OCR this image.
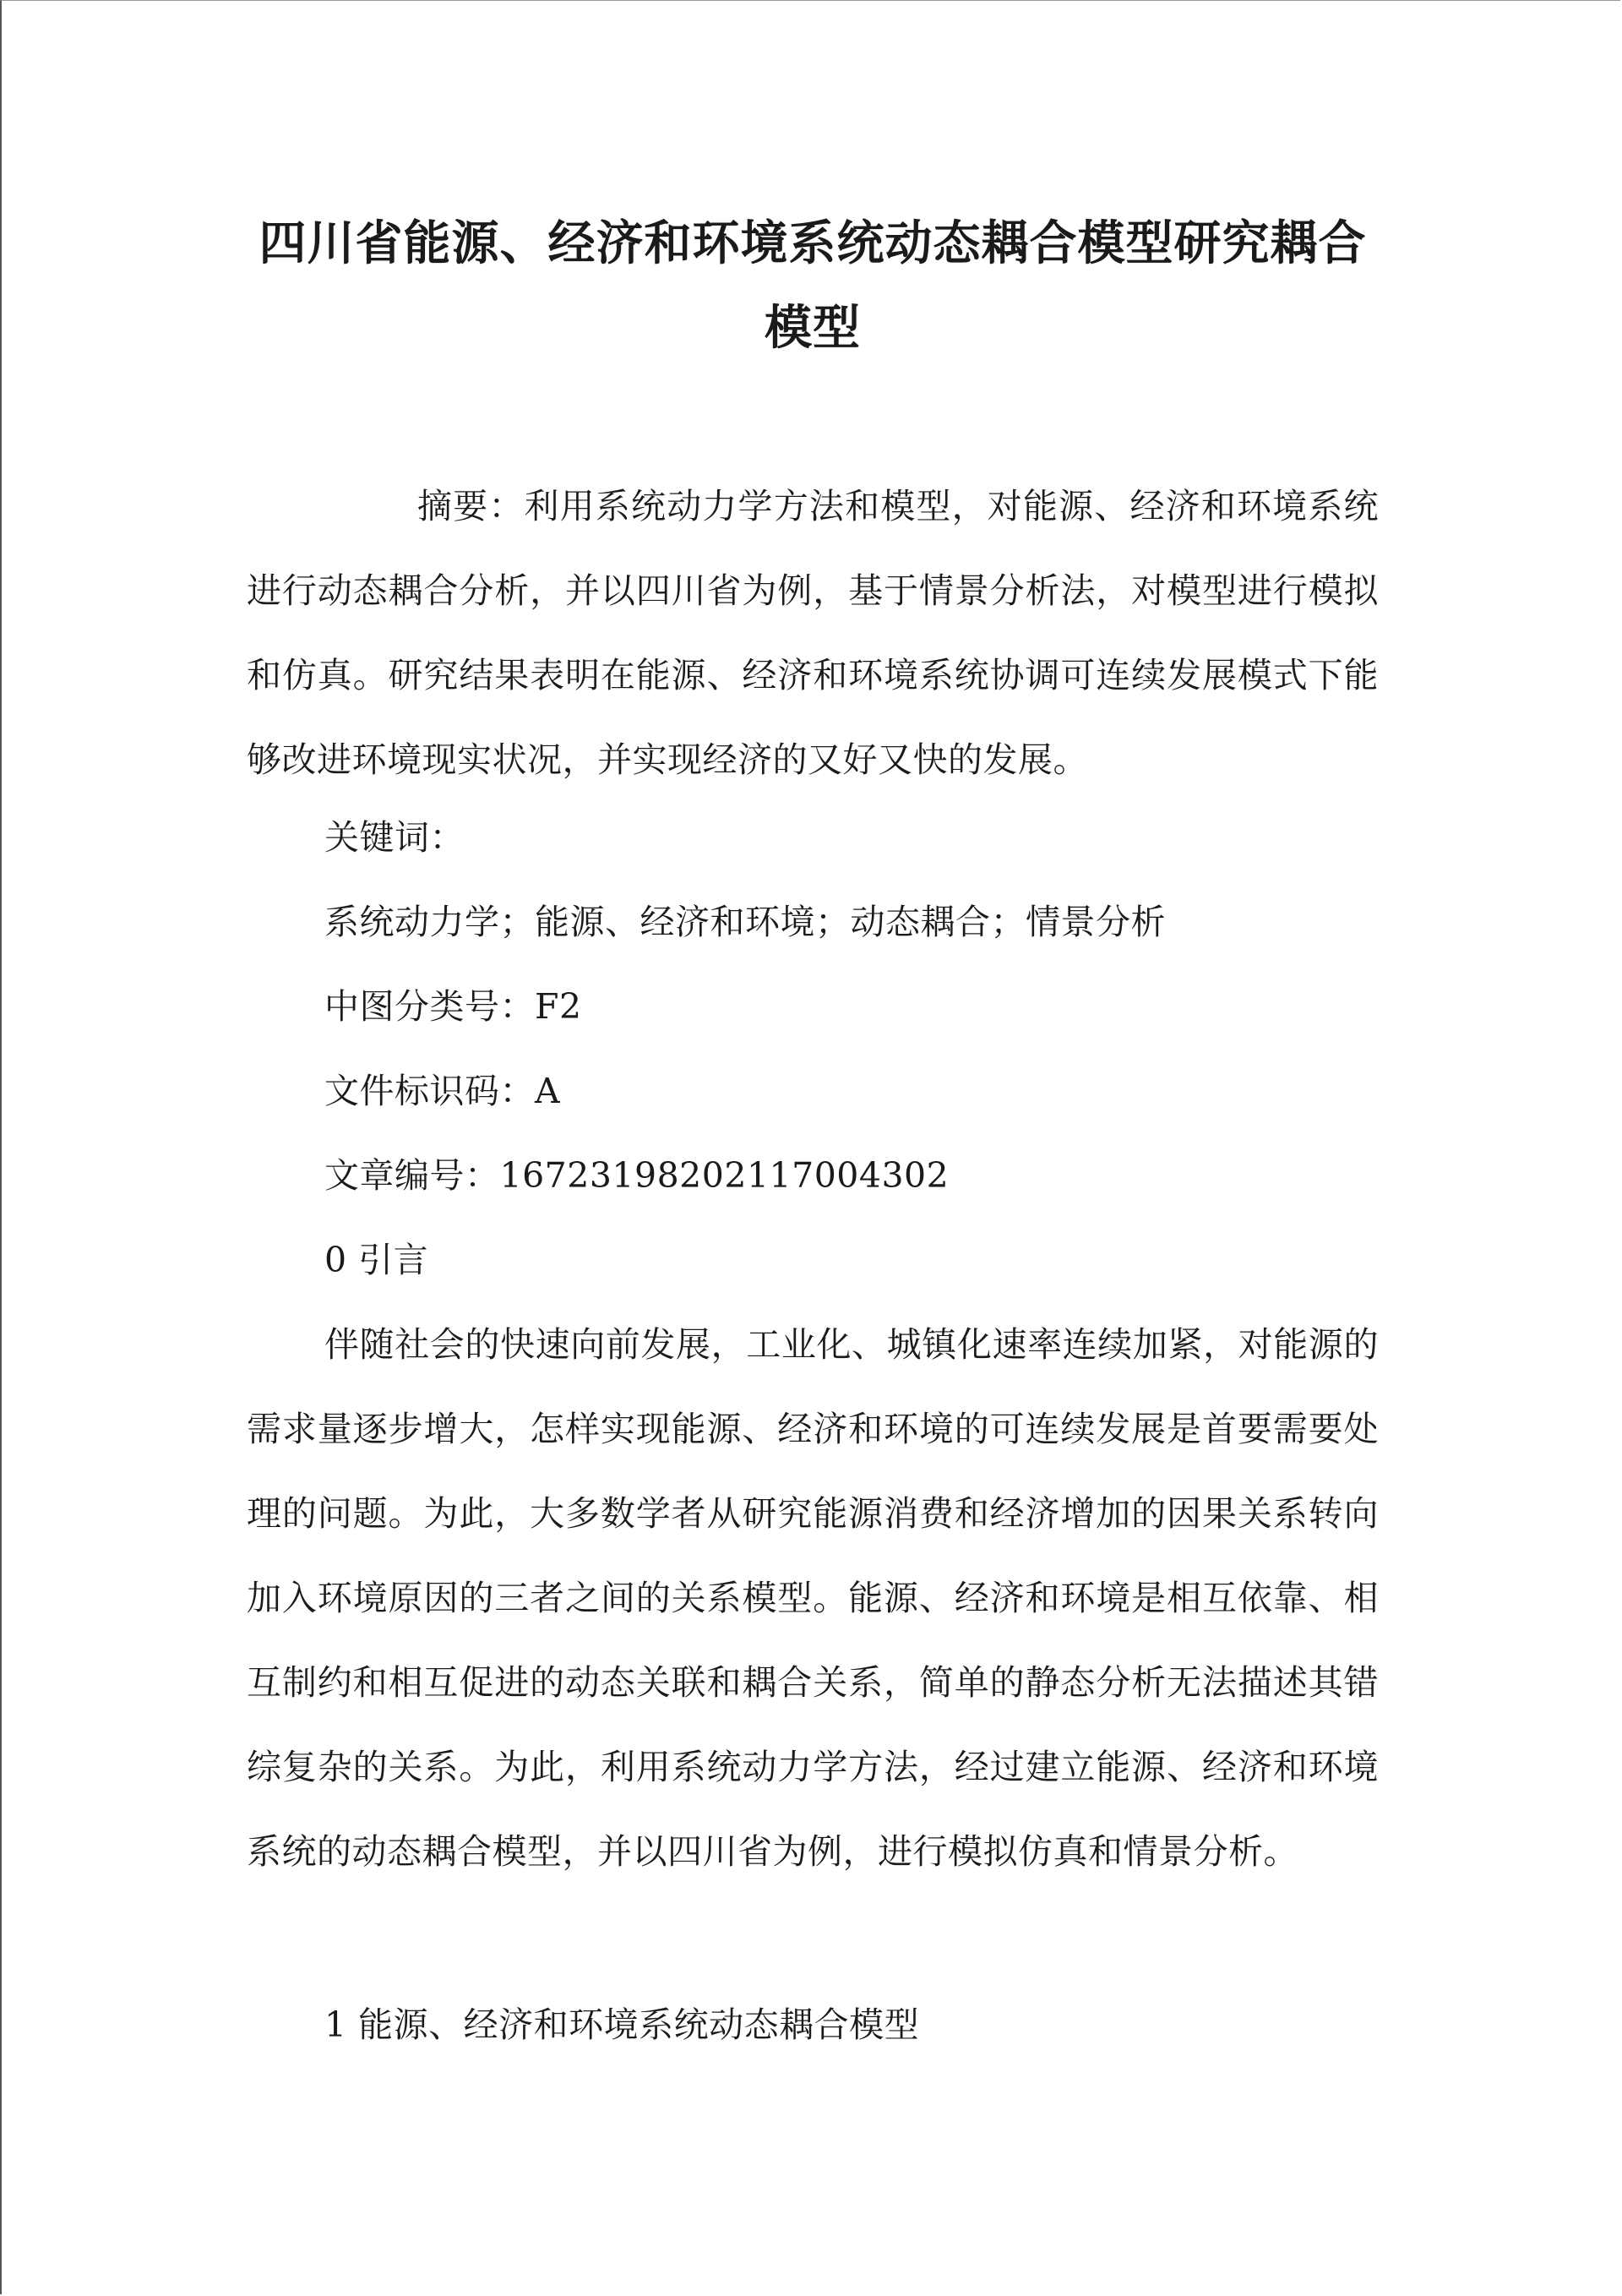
四川省能源、经济和环境系统动态耦合模型研究耦合模型

摘要：利用系统动力学方法和模型，对能源、经济和环境系统进行动态耦合分析，并以四川省为例，基于情景分析法，对模型进行模拟和仿真。研究结果表明在能源、经济和环境系统协调可连续发展模式下能够改进环境现实状况，并实现经济的又好又快的发展。

关键词：

系统动力学；能源、经济和环境；动态耦合；情景分析

中图分类号：F2

文件标识码：A

文章编号：16723198202117004302

0 引言

伴随社会的快速向前发展，工业化、城镇化速率连续加紧，对能源的需求量逐步增大，怎样实现能源、经济和环境的可连续发展是首要需要处理的问题。为此，大多数学者从研究能源消费和经济增加的因果关系转向加入环境原因的三者之间的关系模型。能源、经济和环境是相互依靠、相互制约和相互促进的动态关联和耦合关系，简单的静态分析无法描述其错综复杂的关系。为此，利用系统动力学方法，经过建立能源、经济和环境系统的动态耦合模型，并以四川省为例，进行模拟仿真和情景分析。

1 能源、经济和环境系统动态耦合模型
